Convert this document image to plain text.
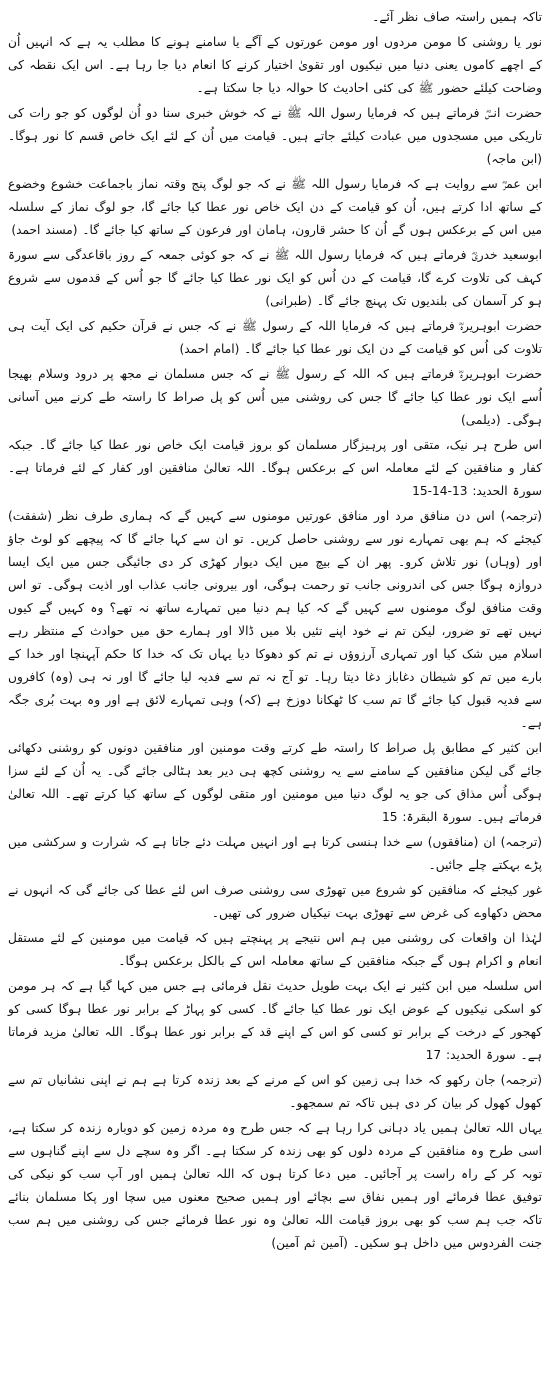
تاکہ ہمیں راستہ صاف نظر آئے۔

نور یا روشنی کا مومن مردوں اور مومن عورتوں کے آگے یا سامنے ہونے کا مطلب یہ ہے کہ انہیں اُن کے اچھے کاموں یعنی دنیا میں نیکیوں اور تقویٰ اختیار کرنے کا انعام دیا جا رہا ہے۔ اس ایک نقطہ کی وضاحت کیلئے حضور ﷺ کی کئی احادیث کا حوالہ دیا جا سکتا ہے۔

حضرت انسؓ فرماتے ہیں کہ فرمایا رسول اللہ ﷺ نے کہ خوش خبری سنا دو اُن لوگوں کو جو رات کی تاریکی میں مسجدوں میں عبادت کیلئے جاتے ہیں۔ قیامت میں اُن کے لئے ایک خاص قسم کا نور ہوگا۔ (ابن ماجہ)

ابن عمرؓ سے روایت ہے کہ فرمایا رسول اللہ ﷺ نے کہ جو لوگ پنج وقتہ نماز باجماعت خشوع وخضوع کے ساتھ ادا کرتے ہیں، اُن کو قیامت کے دن ایک خاص نور عطا کیا جائے گا، جو لوگ نماز کے سلسلہ میں اس کے برعکس ہوں گے اُن کا حشر قارون، ہامان اور فرعون کے ساتھ کیا جائے گا۔ (مسند احمد)

ابوسعید خدریؓ فرماتے ہیں کہ فرمایا رسول اللہ ﷺ نے کہ جو کوئی جمعہ کے روز باقاعدگی سے سورۃ کہف کی تلاوت کرے گا، قیامت کے دن اُس کو ایک نور عطا کیا جائے گا جو اُس کے قدموں سے شروع ہو کر آسمان کی بلندیوں تک پہنچ جائے گا۔ (طبرانی)

حضرت ابوہریرہؓ فرماتے ہیں کہ فرمایا اللہ کے رسول ﷺ نے کہ جس نے قرآن حکیم کی ایک آیت ہی تلاوت کی اُس کو قیامت کے دن ایک نور عطا کیا جائے گا۔ (امام احمد)

حضرت ابوہریرہؓ فرماتے ہیں کہ اللہ کے رسول ﷺ نے کہ جس مسلمان نے مجھ پر درود وسلام بھیجا اُسے ایک نور عطا کیا جائے گا جس کی روشنی میں اُس کو پل صراط کا راستہ طے کرنے میں آسانی ہوگی۔ (دیلمی)

اس طرح ہر نیک، متقی اور پرہیزگار مسلمان کو بروز قیامت ایک خاص نور عطا کیا جائے گا۔ جبکہ کفار و منافقین کے لئے معاملہ اس کے برعکس ہوگا۔ اللہ تعالیٰ منافقین اور کفار کے لئے فرماتا ہے۔ سورۃ الحدید: 13-14-15

(ترجمہ) اس دن منافق مرد اور منافق عورتیں مومنوں سے کہیں گے کہ ہماری طرف نظر (شفقت) کیجئے کہ ہم بھی تمہارے نور سے روشنی حاصل کریں۔ تو ان سے کہا جائے گا کہ پیچھے کو لوٹ جاؤ اور (وہاں) نور تلاش کرو۔ پھر ان کے بیچ میں ایک دیوار کھڑی کر دی جائیگی جس میں ایک ایسا دروازہ ہوگا جس کی اندرونی جانب تو رحمت ہوگی، اور بیرونی جانب عذاب اور اذیت ہوگی۔ تو اس وقت منافق لوگ مومنوں سے کہیں گے کہ کیا ہم دنیا میں تمہارے ساتھ نہ تھے؟ وہ کہیں گے کیوں نہیں تھے تو ضرور، لیکن تم نے خود اپنے تئیں بلا میں ڈالا اور ہمارے حق میں حوادث کے منتظر رہے اسلام میں شک کیا اور تمہاری آرزوؤں نے تم کو دھوکا دیا یہاں تک کہ خدا کا حکم آپہنچا اور خدا کے بارے میں تم کو شیطان دغاباز دغا دیتا رہا۔ تو آج نہ تم سے فدیہ لیا جائے گا اور نہ ہی (وہ) کافروں سے فدیہ قبول کیا جائے گا تم سب کا ٹھکانا دوزخ ہے (کہ) وہی تمہارے لائق ہے اور وہ بہت بُری جگہ ہے۔

ابن کثیر کے مطابق پل صراط کا راستہ طے کرتے وقت مومنین اور منافقین دونوں کو روشنی دکھائی جائے گی لیکن منافقین کے سامنے سے یہ روشنی کچھ ہی دیر بعد ہٹالی جائے گی۔ یہ اُن کے لئے سزا ہوگی اُس مذاق کی جو یہ لوگ دنیا میں مومنین اور متقی لوگوں کے ساتھ کیا کرتے تھے۔ اللہ تعالیٰ فرماتے ہیں۔ سورۃ البقرۃ: 15

(ترجمہ) ان (منافقوں) سے خدا ہنسی کرتا ہے اور انہیں مہلت دئے جاتا ہے کہ شرارت و سرکشی میں پڑے بہکتے چلے جائیں۔

غور کیجئے کہ منافقین کو شروع میں تھوڑی سی روشنی صرف اس لئے عطا کی جائے گی کہ انہوں نے محض دکھاوے کی غرض سے تھوڑی بہت نیکیاں ضرور کی تھیں۔

لہٰذا ان واقعات کی روشنی میں ہم اس نتیجے پر پہنچتے ہیں کہ قیامت میں مومنین کے لئے مستقل انعام و اکرام ہوں گے جبکہ منافقین کے ساتھ معاملہ اس کے بالکل برعکس ہوگا۔

اس سلسلہ میں ابن کثیر نے ایک بہت طویل حدیث نقل فرمائی ہے جس میں کہا گیا ہے کہ ہر مومن کو اسکی نیکیوں کے عوض ایک نور عطا کیا جائے گا۔ کسی کو پہاڑ کے برابر نور عطا ہوگا کسی کو کھجور کے درخت کے برابر تو کسی کو اس کے اپنے قد کے برابر نور عطا ہوگا۔ اللہ تعالیٰ مزید فرماتا ہے۔ سورۃ الحدید: 17

(ترجمہ) جان رکھو کہ خدا ہی زمین کو اس کے مرنے کے بعد زندہ کرتا ہے ہم نے اپنی نشانیاں تم سے کھول کھول کر بیان کر دی ہیں تاکہ تم سمجھو۔

یہاں اللہ تعالیٰ ہمیں یاد دہانی کرا رہا ہے کہ جس طرح وہ مردہ زمین کو دوبارہ زندہ کر سکتا ہے، اسی طرح وہ منافقین کے مردہ دلوں کو بھی زندہ کر سکتا ہے۔ اگر وہ سچے دل سے اپنے گناہوں سے توبہ کر کے راہ راست پر آجائیں۔ میں دعا کرتا ہوں کہ اللہ تعالیٰ ہمیں اور آپ سب کو نیکی کی توفیق عطا فرمائے اور ہمیں نفاق سے بچائے اور ہمیں صحیح معنوں میں سچا اور پکا مسلمان بنائے تاکہ جب ہم سب کو بھی بروز قیامت اللہ تعالیٰ وہ نور عطا فرمائے جس کی روشنی میں ہم سب جنت الفردوس میں داخل ہو سکیں۔ (آمین ثم آمین)
